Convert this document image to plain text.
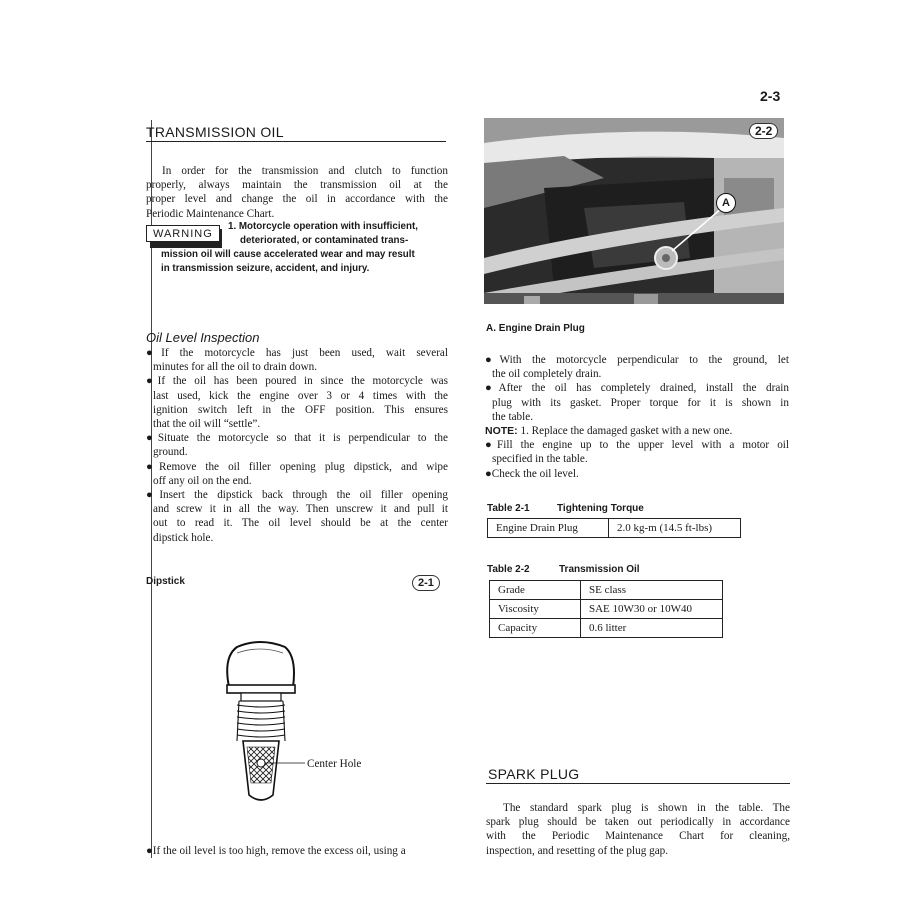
2-3
TRANSMISSION OIL
In order for the transmission and clutch to function
properly, always maintain the transmission oil at the
proper level and change the oil in accordance with the
Periodic Maintenance Chart.
WARNING
1. Motorcycle operation with insufficient,
deteriorated, or contaminated trans-
mission oil will cause accelerated wear and may result
in transmission seizure, accident, and injury.
Oil Level Inspection
●If the motorcycle has just been used, wait several
minutes for all the oil to drain down.
●If the oil has been poured in since the motorcycle was
last used, kick the engine over 3 or 4 times with the
ignition switch left in the OFF position. This ensures
that the oil will “settle”.
●Situate the motorcycle so that it is perpendicular to the
ground.
●Remove the oil filler opening plug dipstick, and wipe
off any oil on the end.
●Insert the dipstick back through the oil filler opening
and screw it in all the way. Then unscrew it and pull it
out to read it. The oil level should be at the center
dipstick hole.
Dipstick	2-1
Center Hole
●If the oil level is too high, remove the excess oil, using a
2-2
A
A. Engine Drain Plug
●With the motorcycle perpendicular to the ground, let
the oil completely drain.
●After the oil has completely drained, install the drain
plug with its gasket. Proper torque for it is shown in
the table.
NOTE: 1. Replace the damaged gasket with a new one.
●Fill the engine up to the upper level with a motor oil
specified in the table.
●Check the oil level.
Table 2-1	Tightening Torque
Engine Drain Plug	2.0 kg-m (14.5 ft-lbs)
Table 2-2	Transmission Oil
Grade	SE class
Viscosity	SAE 10W30 or 10W40
Capacity	0.6 litter
SPARK PLUG
The standard spark plug is shown in the table. The
spark plug should be taken out periodically in accordance
with the Periodic Maintenance Chart for cleaning,
inspection, and resetting of the plug gap.
